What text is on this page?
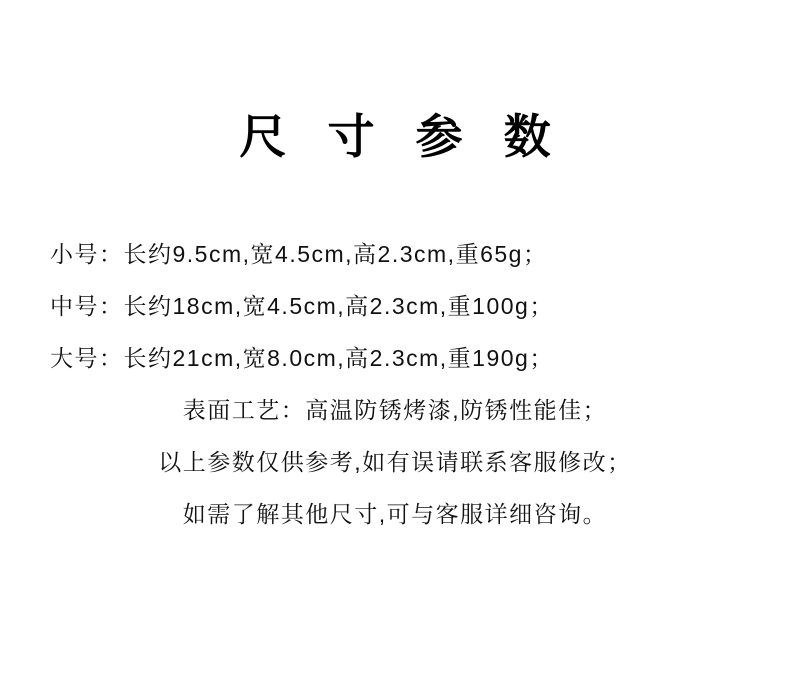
尺 寸 参 数
小号：长约9.5cm,宽4.5cm,高2.3cm,重65g；
中号：长约18cm,宽4.5cm,高2.3cm,重100g；
大号：长约21cm,宽8.0cm,高2.3cm,重190g；
表面工艺：高温防锈烤漆,防锈性能佳；
以上参数仅供参考,如有误请联系客服修改；
如需了解其他尺寸,可与客服详细咨询。
